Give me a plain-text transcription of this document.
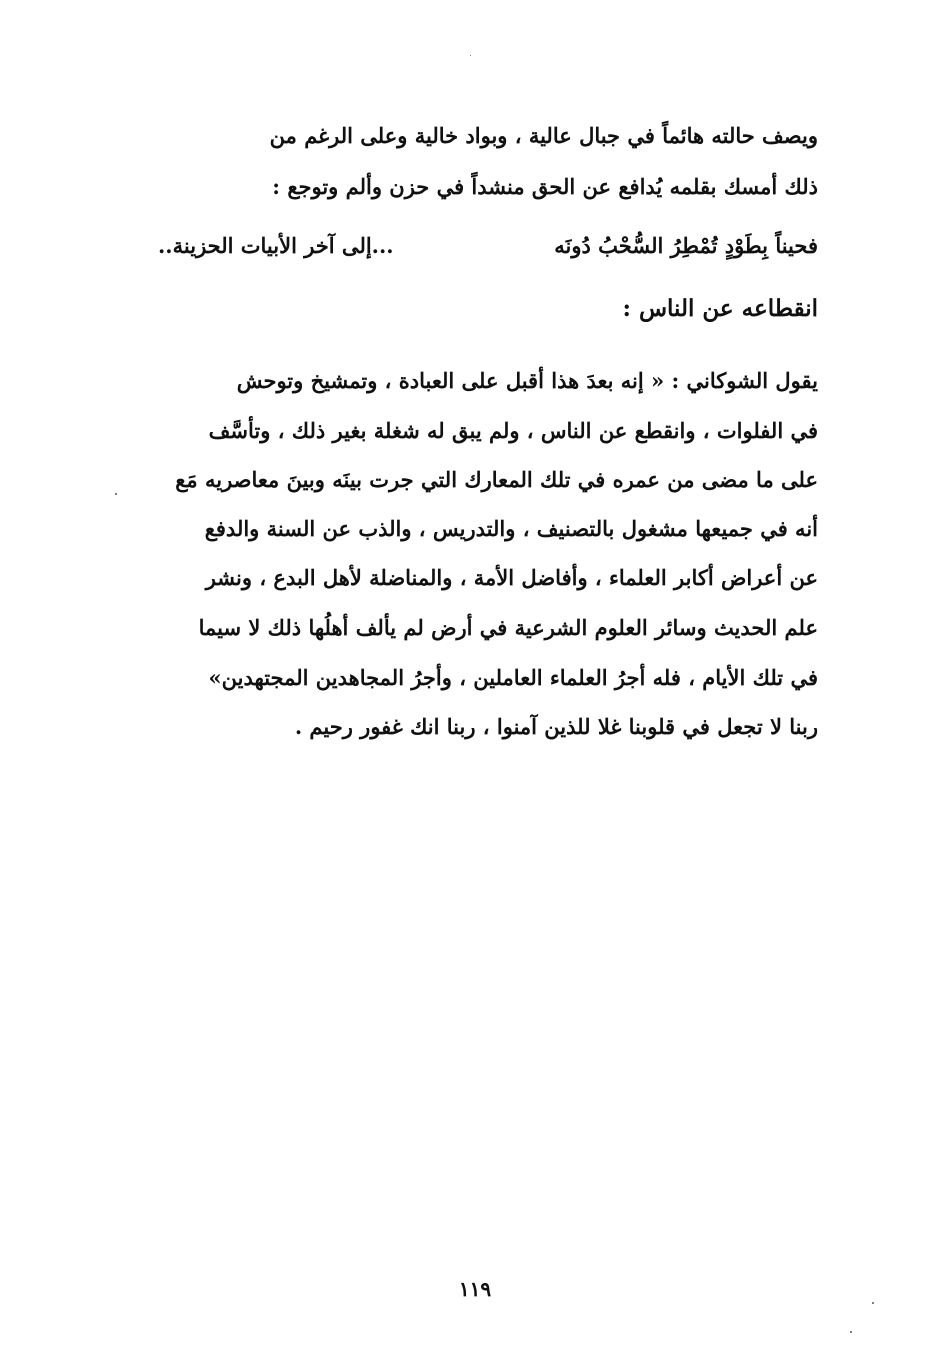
ويصف حالته هائماً في جبال عالية ، وبواد خالية وعلى الرغم من
ذلك أمسك بقلمه يُدافع عن الحق منشداً في حزن وألم وتوجع :
فحيناً بِطَوْدٍ تُمْطِرُ السُّحْبُ دُونَه
...إلى آخر الأبيات الحزينة..
انقطاعه عن الناس :
يقول الشوكاني : « إنه بعدَ هذا أقبل على العبادة ، وتمشيخ وتوحش
في الفلوات ، وانقطع عن الناس ، ولم يبق له شغلة بغير ذلك ، وتأسَّف
على ما مضى من عمره في تلك المعارك التي جرت بينَه وبينَ معاصريه مَع
أنه في جميعها مشغول بالتصنيف ، والتدريس ، والذب عن السنة والدفع
عن أعراض أكابر العلماء ، وأفاضل الأمة ، والمناضلة لأهل البدع ، ونشر
علم الحديث وسائر العلوم الشرعية في أرض لم يألف أهلُها ذلك لا سيما
في تلك الأيام ، فله أجرُ العلماء العاملين ، وأجرُ المجاهدين المجتهدين»
ربنا لا تجعل في قلوبنا غلا للذين آمنوا ، ربنا انك غفور رحيم .
١١٩
